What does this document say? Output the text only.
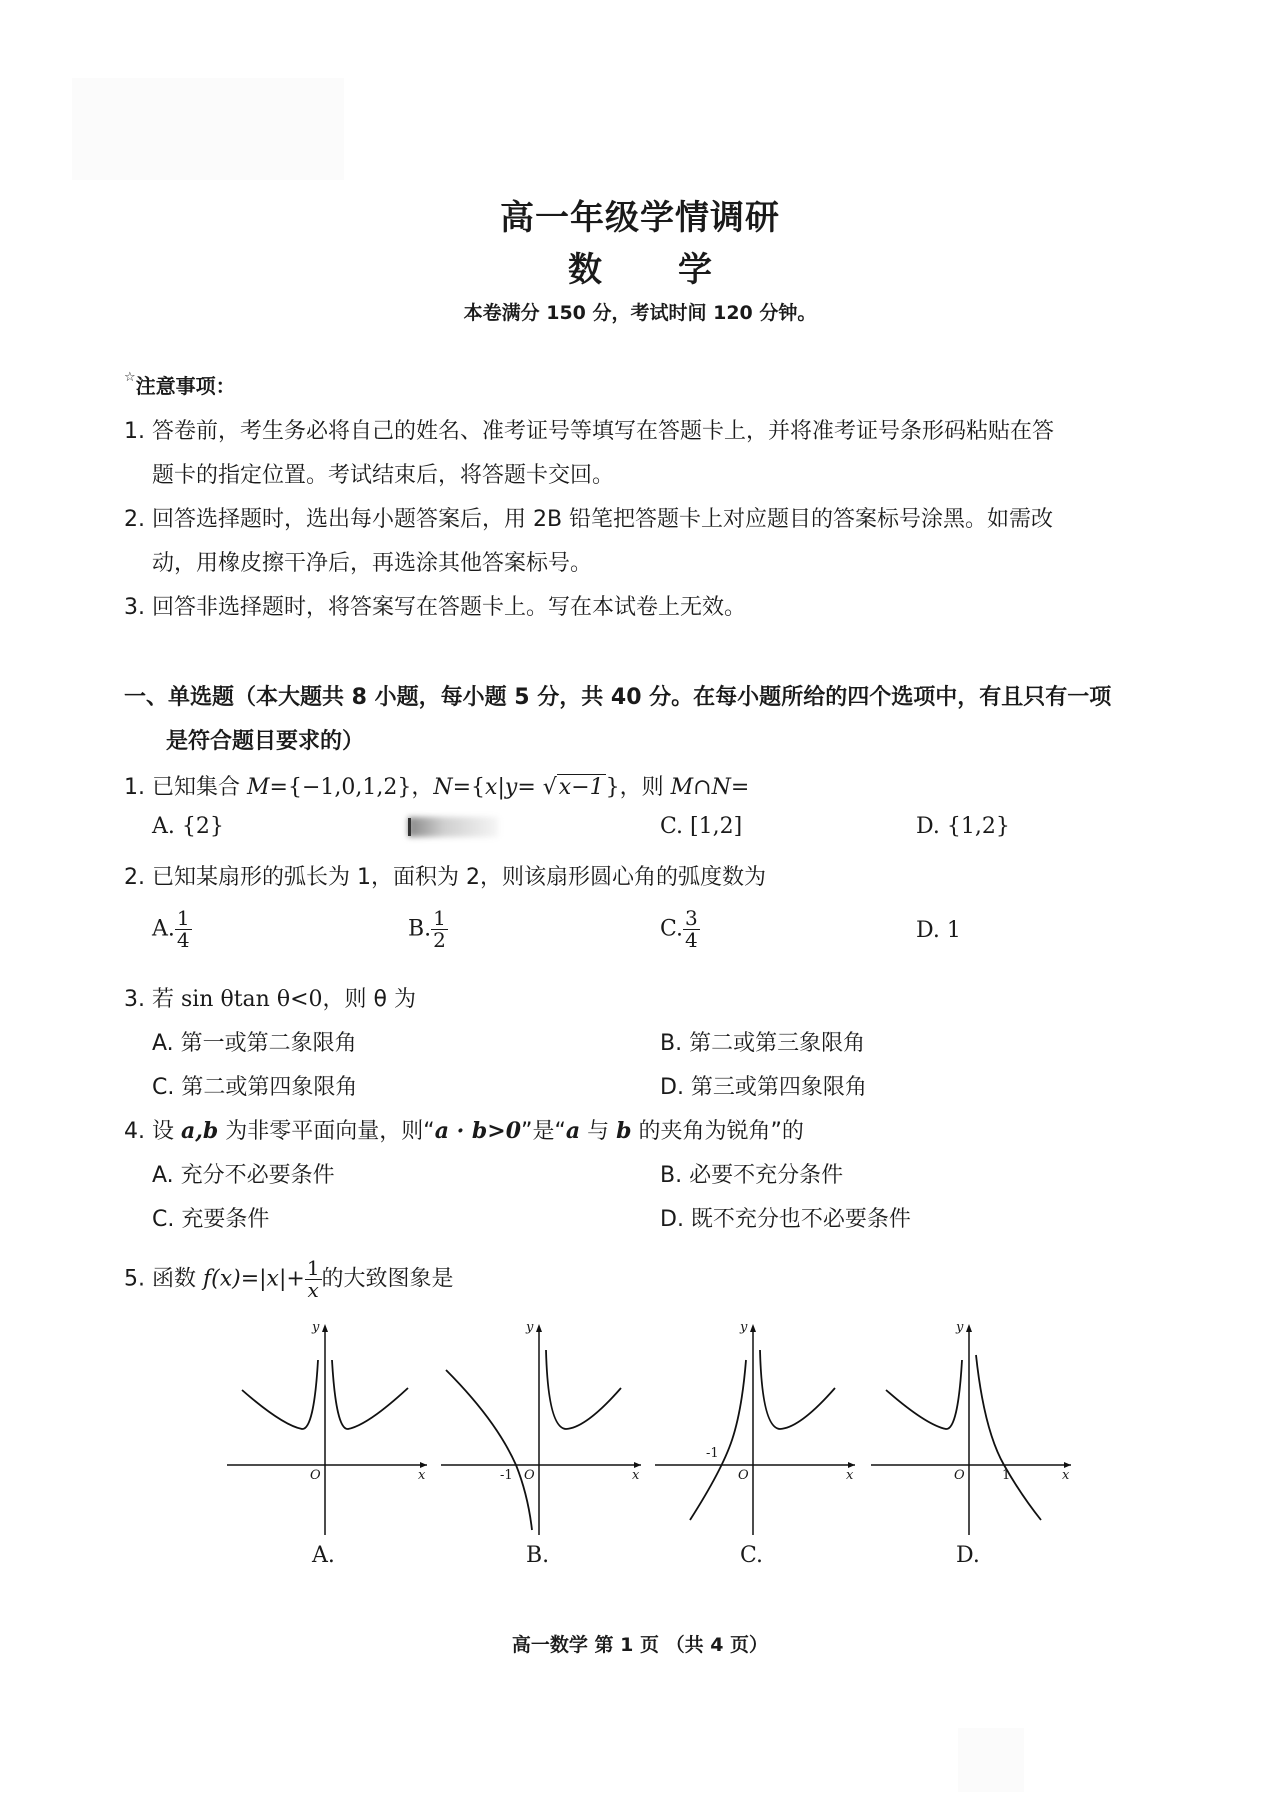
高一年级学情调研
数 学
本卷满分 150 分，考试时间 120 分钟。
☆注意事项：
1. 答卷前，考生务必将自己的姓名、准考证号等填写在答题卡上，并将准考证号条形码粘贴在答
题卡的指定位置。考试结束后，将答题卡交回。
2. 回答选择题时，选出每小题答案后，用 2B 铅笔把答题卡上对应题目的答案标号涂黑。如需改
动，用橡皮擦干净后，再选涂其他答案标号。
3. 回答非选择题时，将答案写在答题卡上。写在本试卷上无效。
一、单选题（本大题共 8 小题，每小题 5 分，共 40 分。在每小题所给的四个选项中，有且只有一项
是符合题目要求的）
1. 已知集合 M={−1,0,1,2}，N={x|y= √x−1}，则 M∩N=
A. {2}	C. [1,2]	D. {1,2}
2. 已知某扇形的弧长为 1，面积为 2，则该扇形圆心角的弧度数为
A. $\frac{1}{4}$	B. $\frac{1}{2}$	C. $\frac{3}{4}$	D. 1
3. 若 sin θtan θ<0，则 θ 为
A. 第一或第二象限角	B. 第二或第三象限角
C. 第二或第四象限角	D. 第三或第四象限角
4. 设 a,b 为非零平面向量，则“a · b>0”是“a 与 b 的夹角为锐角”的
A. 充分不必要条件	B. 必要不充分条件
C. 充要条件	D. 既不充分也不必要条件
5. 函数 $f(x)=|x|+ \frac{1}{x}$ 的大致图象是
y
x
O
A.
y
x
O
-1
B.
y
x
O
-1
C.
y
x
O	1
D.
高一数学 第 1 页 （共 4 页）
